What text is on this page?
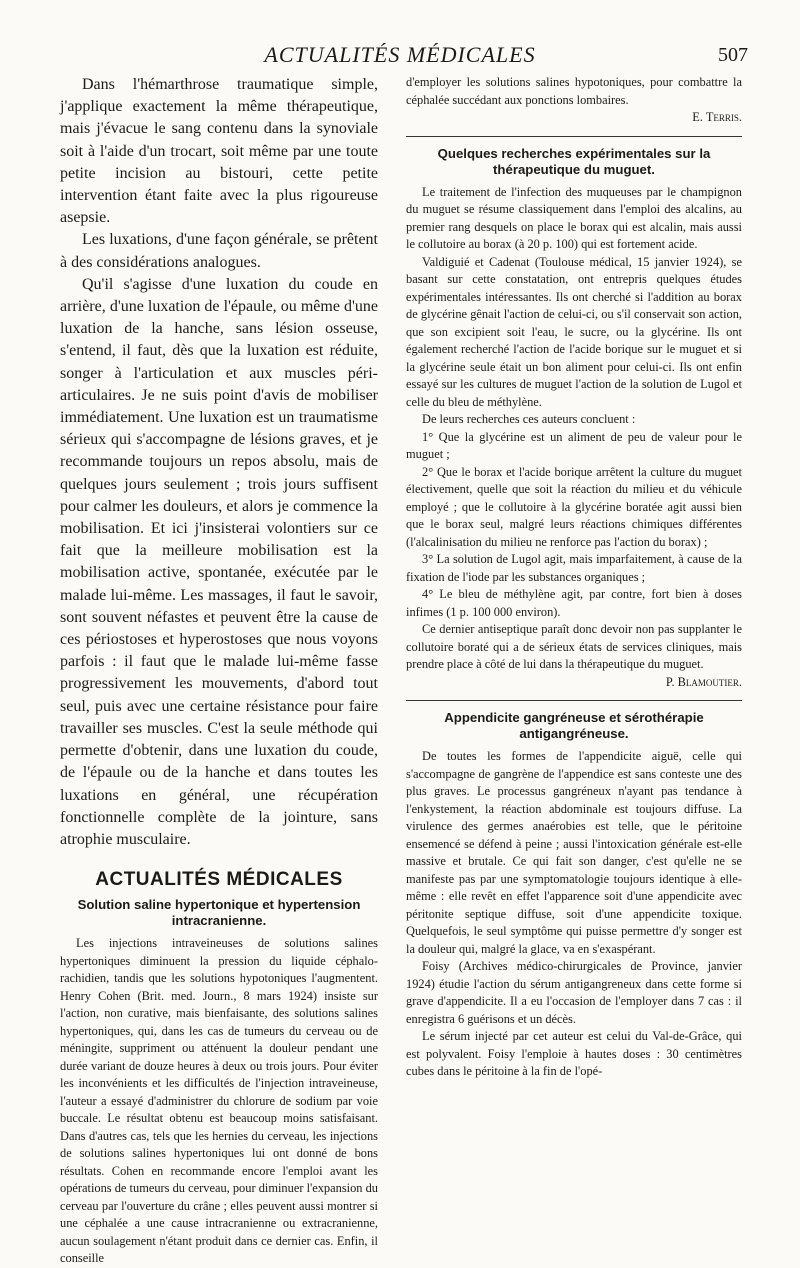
ACTUALITÉS MÉDICALES	507

Dans l'hémarthrose traumatique simple, j'applique exactement la même thérapeutique, mais j'évacue le sang contenu dans la synoviale soit à l'aide d'un trocart, soit même par une toute petite incision au bistouri, cette petite intervention étant faite avec la plus rigoureuse asepsie.

Les luxations, d'une façon générale, se prêtent à des considérations analogues.

Qu'il s'agisse d'une luxation du coude en arrière, d'une luxation de l'épaule, ou même d'une luxation de la hanche, sans lésion osseuse, s'entend, il faut, dès que la luxation est réduite, songer à l'articulation et aux muscles péri-articulaires. Je ne suis point d'avis de mobiliser immédiatement. Une luxation est un traumatisme sérieux qui s'accompagne de lésions graves, et je recommande toujours un repos absolu, mais de quelques jours seulement ; trois jours suffisent pour calmer les douleurs, et alors je commence la mobilisation. Et ici j'insisterai volontiers sur ce fait que la meilleure mobilisation est la mobilisation active, spontanée, exécutée par le malade lui-même. Les massages, il faut le savoir, sont souvent néfastes et peuvent être la cause de ces périostoses et hyperostoses que nous voyons parfois : il faut que le malade lui-même fasse progressivement les mouvements, d'abord tout seul, puis avec une certaine résistance pour faire travailler ses muscles. C'est la seule méthode qui permette d'obtenir, dans une luxation du coude, de l'épaule ou de la hanche et dans toutes les luxations en général, une récupération fonctionnelle complète de la jointure, sans atrophie musculaire.

ACTUALITÉS MÉDICALES
Solution saline hypertonique et hypertension intracranienne.

Les injections intraveineuses de solutions salines hypertoniques diminuent la pression du liquide céphalo-rachidien, tandis que les solutions hypotoniques l'augmentent. Henry Cohen (Brit. med. Journ., 8 mars 1924) insiste sur l'action, non curative, mais bienfaisante, des solutions salines hypertoniques, qui, dans les cas de tumeurs du cerveau ou de méningite, suppriment ou atténuent la douleur pendant une durée variant de douze heures à deux ou trois jours. Pour éviter les inconvénients et les difficultés de l'injection intraveineuse, l'auteur a essayé d'administrer du chlorure de sodium par voie buccale. Le résultat obtenu est beaucoup moins satisfaisant. Dans d'autres cas, tels que les hernies du cerveau, les injections de solutions salines hypertoniques lui ont donné de bons résultats. Cohen en recommande encore l'emploi avant les opérations de tumeurs du cerveau, pour diminuer l'expansion du cerveau par l'ouverture du crâne ; elles peuvent aussi montrer si une céphalée a une cause intracranienne ou extracranienne, aucun soulagement n'étant produit dans ce dernier cas. Enfin, il conseille

d'employer les solutions salines hypotoniques, pour combattre la céphalée succédant aux ponctions lombaires.

E. Terris.

Quelques recherches expérimentales sur la thérapeutique du muguet.

Le traitement de l'infection des muqueuses par le champignon du muguet se résume classiquement dans l'emploi des alcalins, au premier rang desquels on place le borax qui est alcalin, mais aussi le collutoire au borax (à 20 p. 100) qui est fortement acide.

Valdiguié et Cadenat (Toulouse médical, 15 janvier 1924), se basant sur cette constatation, ont entrepris quelques études expérimentales intéressantes. Ils ont cherché si l'addition au borax de glycérine gênait l'action de celui-ci, ou s'il conservait son action, que son excipient soit l'eau, le sucre, ou la glycérine. Ils ont également recherché l'action de l'acide borique sur le muguet et si la glycérine seule était un bon aliment pour celui-ci. Ils ont enfin essayé sur les cultures de muguet l'action de la solution de Lugol et celle du bleu de méthylène.

De leurs recherches ces auteurs concluent :

1° Que la glycérine est un aliment de peu de valeur pour le muguet ;

2° Que le borax et l'acide borique arrêtent la culture du muguet électivement, quelle que soit la réaction du milieu et du véhicule employé ; que le collutoire à la glycérine boratée agit aussi bien que le borax seul, malgré leurs réactions chimiques différentes (l'alcalinisation du milieu ne renforce pas l'action du borax) ;

3° La solution de Lugol agit, mais imparfaitement, à cause de la fixation de l'iode par les substances organiques ;

4° Le bleu de méthylène agit, par contre, fort bien à doses infimes (1 p. 100 000 environ).

Ce dernier antiseptique paraît donc devoir non pas supplanter le collutoire boraté qui a de sérieux états de services cliniques, mais prendre place à côté de lui dans la thérapeutique du muguet.

P. Blamoutier.

Appendicite gangréneuse et sérothérapie antigangréneuse.

De toutes les formes de l'appendicite aiguë, celle qui s'accompagne de gangrène de l'appendice est sans conteste une des plus graves. Le processus gangréneux n'ayant pas tendance à l'enkystement, la réaction abdominale est toujours diffuse. La virulence des germes anaérobies est telle, que le péritoine ensemencé se défend à peine ; aussi l'intoxication générale est-elle massive et brutale. Ce qui fait son danger, c'est qu'elle ne se manifeste pas par une symptomatologie toujours identique à elle-même : elle revêt en effet l'apparence soit d'une appendicite avec péritonite septique diffuse, soit d'une appendicite toxique. Quelquefois, le seul symptôme qui puisse permettre d'y songer est la douleur qui, malgré la glace, va en s'exaspérant.

Foisy (Archives médico-chirurgicales de Province, janvier 1924) étudie l'action du sérum antigangreneux dans cette forme si grave d'appendicite. Il a eu l'occasion de l'employer dans 7 cas : il enregistra 6 guérisons et un décès.

Le sérum injecté par cet auteur est celui du Val-de-Grâce, qui est polyvalent. Foisy l'emploie à hautes doses : 30 centimètres cubes dans le péritoine à la fin de l'opé-
